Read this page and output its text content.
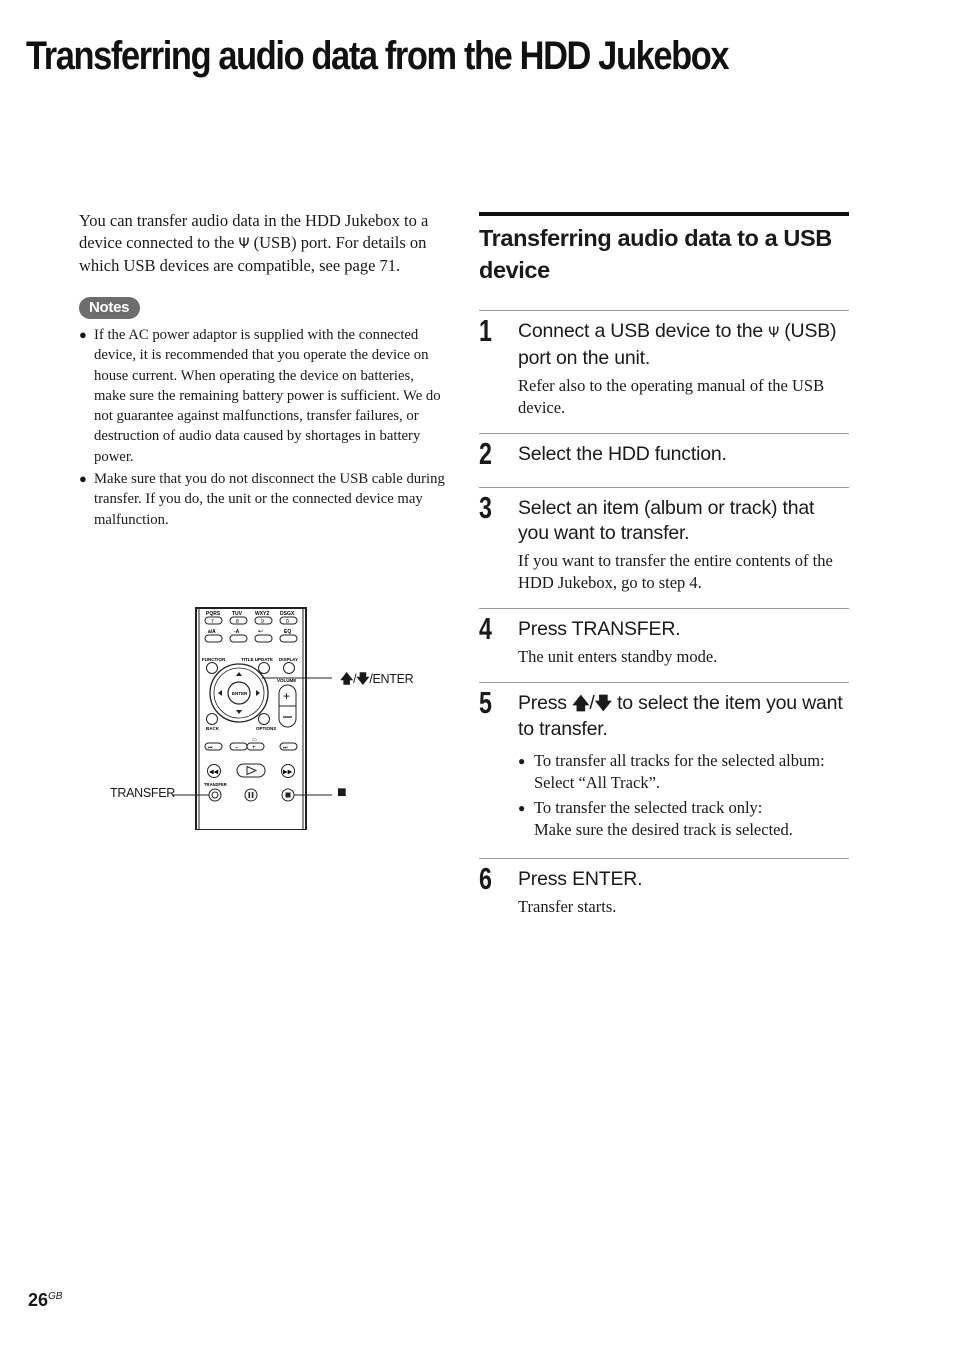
Transferring audio data from the HDD Jukebox

You can transfer audio data in the HDD Jukebox to a device connected to the Ψ (USB) port. For details on which USB devices are compatible, see page 71.

Notes
● If the AC power adaptor is supplied with the connected device, it is recommended that you operate the device on house current. When operating the device on batteries, make sure the remaining battery power is sufficient. We do not guarantee against malfunctions, transfer failures, or destruction of audio data caused by shortages in battery power.
● Make sure that you do not disconnect the USB cable during transfer. If you do, the unit or the connected device may malfunction.
PQRS TUV	WXYZ DSGX
7	8	9	0
a/A	-A	↩	EQ
FUNCTION	TITLE UPDATE DISPLAY
ENTER
VOLUME
+
BACK	OPTIONS
⏮
▭
– +	⏭
◀◀	▶▶
TRANSFER
🡅/🡇/ENTER
TRANSFER	■
Transferring audio data to a USB device
1 Connect a USB device to the Ψ (USB) port on the unit.

Refer also to the operating manual of the USB device.

2 Select the HDD function.

3 Select an item (album or track) that you want to transfer.

If you want to transfer the entire contents of the HDD Jukebox, go to step 4.

4 Press TRANSFER.

The unit enters standby mode.

5 Press 🡅/🡇 to select the item you want to transfer.

● To transfer all tracks for the selected album:
Select “All Track”.
● To transfer the selected track only:
Make sure the desired track is selected.
6 Press ENTER.

Transfer starts.

$26^{GB}$
